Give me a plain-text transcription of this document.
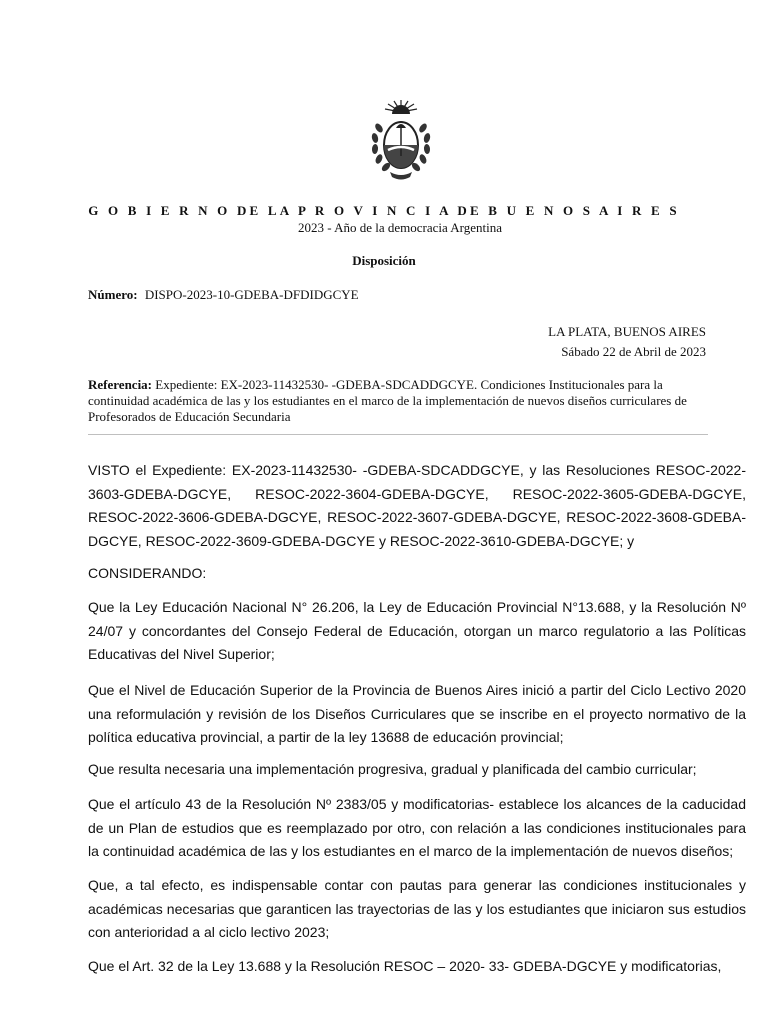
G O B I E R N O DE LA P R O V I N C I A DE B U E N O S A I R E S
2023 - Año de la democracia Argentina
Disposición
Número: DISPO-2023-10-GDEBA-DFDIDGCYE
LA PLATA, BUENOS AIRES
Sábado 22 de Abril de 2023
Referencia: Expediente: EX-2023-11432530- -GDEBA-SDCADDGCYE. Condiciones Institucionales para la continuidad académica de las y los estudiantes en el marco de la implementación de nuevos diseños curriculares de Profesorados de Educación Secundaria
VISTO el Expediente: EX-2023-11432530- -GDEBA-SDCADDGCYE, y las Resoluciones RESOC-2022-3603-GDEBA-DGCYE, RESOC-2022-3604-GDEBA-DGCYE, RESOC-2022-3605-GDEBA-DGCYE, RESOC-2022-3606-GDEBA-DGCYE, RESOC-2022-3607-GDEBA-DGCYE, RESOC-2022-3608-GDEBA-DGCYE, RESOC-2022-3609-GDEBA-DGCYE y RESOC-2022-3610-GDEBA-DGCYE; y
CONSIDERANDO:
Que la Ley Educación Nacional N° 26.206, la Ley de Educación Provincial N°13.688, y la Resolución Nº 24/07 y concordantes del Consejo Federal de Educación, otorgan un marco regulatorio a las Políticas Educativas del Nivel Superior;
Que el Nivel de Educación Superior de la Provincia de Buenos Aires inició a partir del Ciclo Lectivo 2020 una reformulación y revisión de los Diseños Curriculares que se inscribe en el proyecto normativo de la política educativa provincial, a partir de la ley 13688 de educación provincial;
Que resulta necesaria una implementación progresiva, gradual y planificada del cambio curricular;
Que el artículo 43 de la Resolución Nº 2383/05 y modificatorias- establece los alcances de la caducidad de un Plan de estudios que es reemplazado por otro, con relación a las condiciones institucionales para la continuidad académica de las y los estudiantes en el marco de la implementación de nuevos diseños;
Que, a tal efecto, es indispensable contar con pautas para generar las condiciones institucionales y académicas necesarias que garanticen las trayectorias de las y los estudiantes que iniciaron sus estudios con anterioridad a al ciclo lectivo 2023;
Que el Art. 32 de la Ley 13.688 y la Resolución RESOC – 2020- 33- GDEBA-DGCYE y modificatorias,
